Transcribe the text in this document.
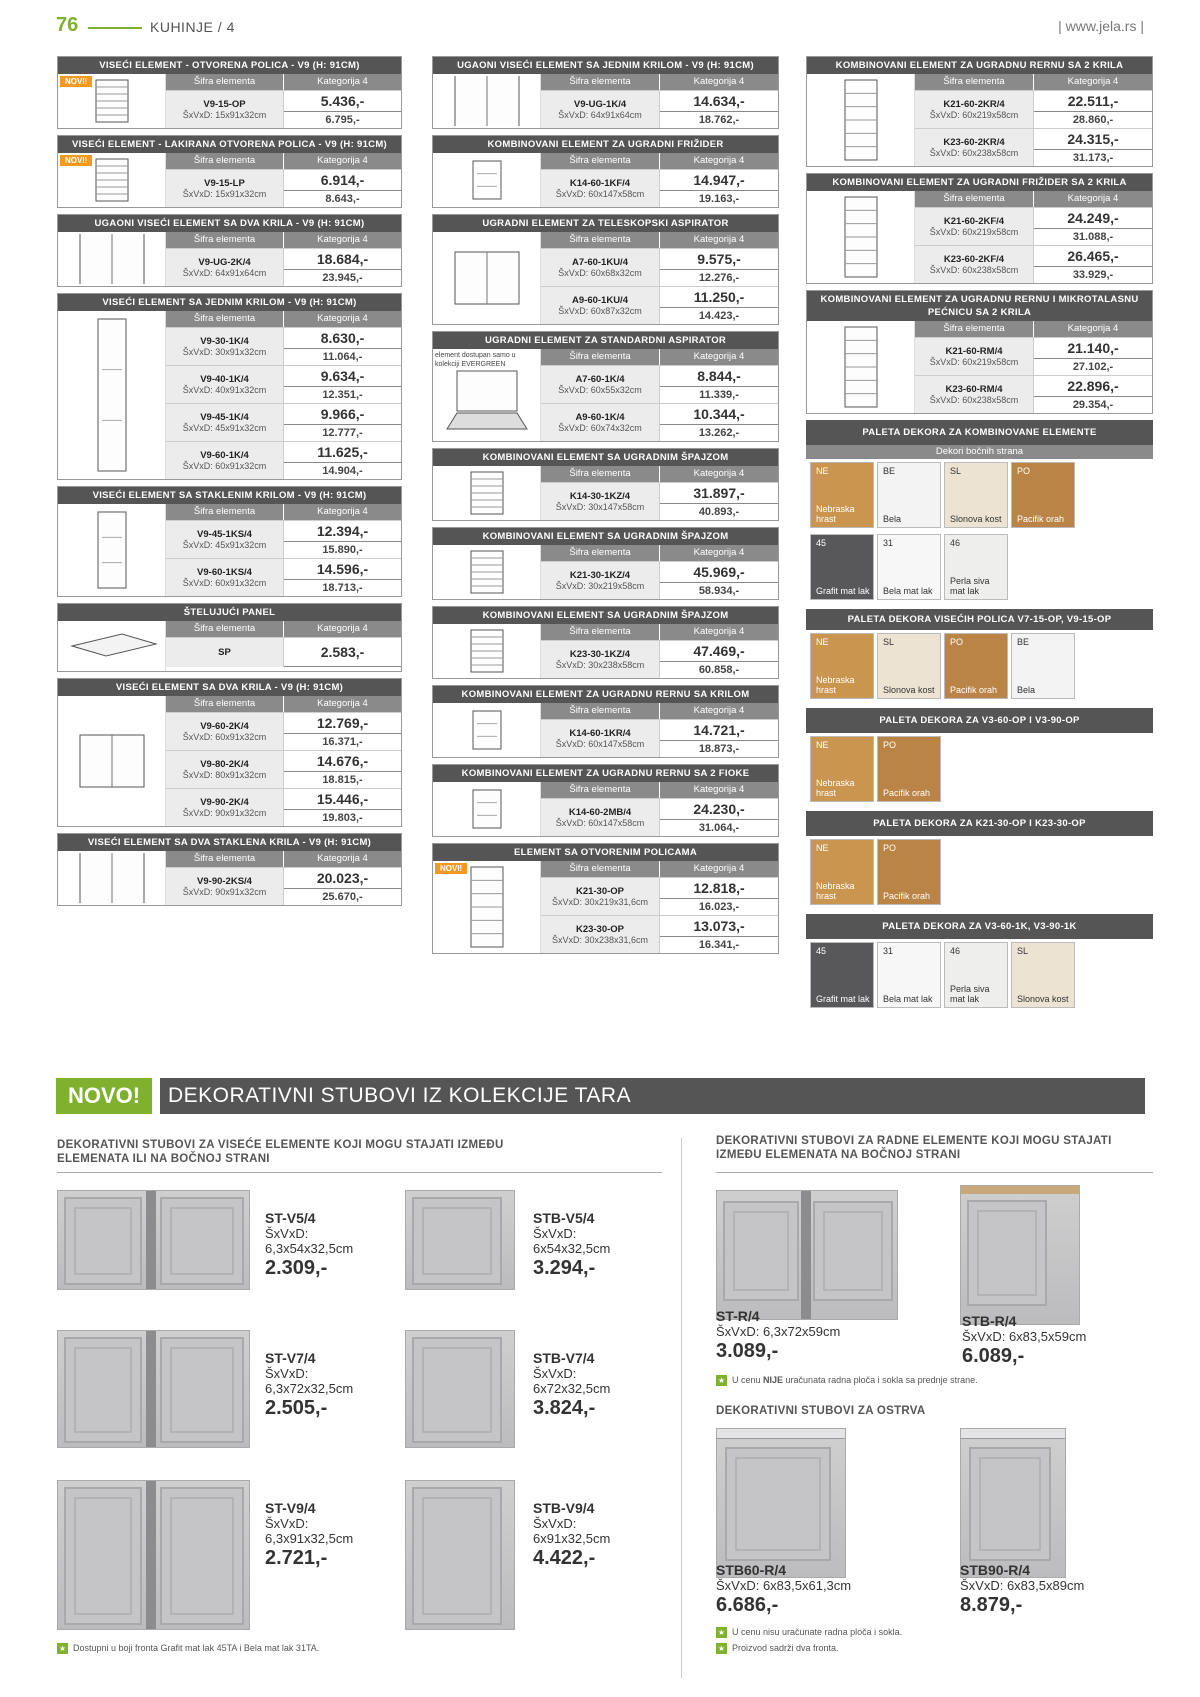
76	KUHINJE / 4	| www.jela.rs |
VISEĆI ELEMENT - OTVORENA POLICA - V9 (H: 91CM)
NOVI!	Šifra elementa	Kategorija 4
V9-15-OP
ŠxVxD: 15x91x32cm
5.436,-
6.795,-
VISEĆI ELEMENT - LAKIRANA OTVORENA POLICA - V9 (H: 91CM)
NOVI!	Šifra elementa	Kategorija 4
V9-15-LP
ŠxVxD: 15x91x32cm
6.914,-
8.643,-
UGAONI VISEĆI ELEMENT SA DVA KRILA - V9 (H: 91CM)
Šifra elementa	Kategorija 4
V9-UG-2K/4
ŠxVxD: 64x91x64cm
18.684,-
23.945,-
VISEĆI ELEMENT SA JEDNIM KRILOM - V9 (H: 91CM)
Šifra elementa	Kategorija 4
V9-30-1K/4
ŠxVxD: 30x91x32cm
8.630,-
11.064,-
V9-40-1K/4
ŠxVxD: 40x91x32cm
9.634,-
12.351,-
V9-45-1K/4
ŠxVxD: 45x91x32cm
9.966,-
12.777,-
V9-60-1K/4
ŠxVxD: 60x91x32cm
11.625,-
14.904,-
VISEĆI ELEMENT SA STAKLENIM KRILOM - V9 (H: 91CM)
Šifra elementa	Kategorija 4
V9-45-1KS/4
ŠxVxD: 45x91x32cm
12.394,-
15.890,-
V9-60-1KS/4
ŠxVxD: 60x91x32cm
14.596,-
18.713,-
ŠTELUJUĆI PANEL
Šifra elementa	Kategorija 4
SP	2.583,-
VISEĆI ELEMENT SA DVA KRILA - V9 (H: 91CM)
Šifra elementa	Kategorija 4
V9-60-2K/4
ŠxVxD: 60x91x32cm
12.769,-
16.371,-
V9-80-2K/4
ŠxVxD: 80x91x32cm
14.676,-
18.815,-
V9-90-2K/4
ŠxVxD: 90x91x32cm
15.446,-
19.803,-
VISEĆI ELEMENT SA DVA STAKLENA KRILA - V9 (H: 91CM)
Šifra elementa	Kategorija 4
V9-90-2KS/4
ŠxVxD: 90x91x32cm
20.023,-
25.670,-
UGAONI VISEĆI ELEMENT SA JEDNIM KRILOM - V9 (H: 91CM)
Šifra elementa	Kategorija 4
V9-UG-1K/4
ŠxVxD: 64x91x64cm
14.634,-
18.762,-
KOMBINOVANI ELEMENT ZA UGRADNI FRIŽIDER
Šifra elementa	Kategorija 4
K14-60-1KF/4
ŠxVxD: 60x147x58cm
14.947,-
19.163,-
UGRADNI ELEMENT ZA TELESKOPSKI ASPIRATOR
Šifra elementa	Kategorija 4
A7-60-1KU/4
ŠxVxD: 60x68x32cm
9.575,-
12.276,-
A9-60-1KU/4
ŠxVxD: 60x87x32cm
11.250,-
14.423,-
UGRADNI ELEMENT ZA STANDARDNI ASPIRATOR
element dostupan samo u kolekciji EVERGREEN
Šifra elementa	Kategorija 4
A7-60-1K/4
ŠxVxD: 60x55x32cm
8.844,-
11.339,-
A9-60-1K/4
ŠxVxD: 60x74x32cm
10.344,-
13.262,-
KOMBINOVANI ELEMENT SA UGRADNIM ŠPAJZOM
Šifra elementa	Kategorija 4
K14-30-1KZ/4
ŠxVxD: 30x147x58cm
31.897,-
40.893,-
KOMBINOVANI ELEMENT SA UGRADNIM ŠPAJZOM
Šifra elementa	Kategorija 4
K21-30-1KZ/4
ŠxVxD: 30x219x58cm
45.969,-
58.934,-
KOMBINOVANI ELEMENT SA UGRADNIM ŠPAJZOM
Šifra elementa	Kategorija 4
K23-30-1KZ/4
ŠxVxD: 30x238x58cm
47.469,-
60.858,-
KOMBINOVANI ELEMENT ZA UGRADNU RERNU SA KRILOM
Šifra elementa	Kategorija 4
K14-60-1KR/4
ŠxVxD: 60x147x58cm
14.721,-
18.873,-
KOMBINOVANI ELEMENT ZA UGRADNU RERNU SA 2 FIOKE
Šifra elementa	Kategorija 4
K14-60-2MB/4
ŠxVxD: 60x147x58cm
24.230,-
31.064,-
ELEMENT SA OTVORENIM POLICAMA
NOVI!	Šifra elementa	Kategorija 4
K21-30-OP
ŠxVxD: 30x219x31,6cm
12.818,-
16.023,-
K23-30-OP
ŠxVxD: 30x238x31,6cm
13.073,-
16.341,-
KOMBINOVANI ELEMENT ZA UGRADNU RERNU SA 2 KRILA
Šifra elementa	Kategorija 4
K21-60-2KR/4
ŠxVxD: 60x219x58cm
22.511,-
28.860,-
K23-60-2KR/4
ŠxVxD: 60x238x58cm
24.315,-
31.173,-
KOMBINOVANI ELEMENT ZA UGRADNI FRIŽIDER SA 2 KRILA
Šifra elementa	Kategorija 4
K21-60-2KF/4
ŠxVxD: 60x219x58cm
24.249,-
31.088,-
K23-60-2KF/4
ŠxVxD: 60x238x58cm
26.465,-
33.929,-
KOMBINOVANI ELEMENT ZA UGRADNU RERNU I MIKROTALASNU PEĆNICU SA 2 KRILA
Šifra elementa	Kategorija 4
K21-60-RM/4
ŠxVxD: 60x219x58cm
21.140,-
27.102,-
K23-60-RM/4
ŠxVxD: 60x238x58cm
22.896,-
29.354,-
PALETA DEKORA ZA KOMBINOVANE ELEMENTE
Dekori bočnih strana
NE
Nebraska hrast
BE
Bela
SL
Slonova kost
PO
Pacifik orah
45
Grafit mat lak
31
Bela mat lak
46
Perla siva mat lak
PALETA DEKORA VISEĆIH POLICA V7-15-OP, V9-15-OP
NE
Nebraska hrast
SL
Slonova kost
PO
Pacifik orah
BE
Bela
PALETA DEKORA ZA V3-60-OP I V3-90-OP
NE
Nebraska hrast
PO
Pacifik orah
PALETA DEKORA ZA K21-30-OP I K23-30-OP
NE
Nebraska hrast
PO
Pacifik orah
PALETA DEKORA ZA V3-60-1K, V3-90-1K
45
Grafit mat lak
31
Bela mat lak
46
Perla siva mat lak
SL
Slonova kost
NOVO!	DEKORATIVNI STUBOVI IZ KOLEKCIJE TARA
DEKORATIVNI STUBOVI ZA VISEĆE ELEMENTE KOJI MOGU STAJATI IZMEĐU ELEMENATA ILI NA BOČNOJ STRANI
DEKORATIVNI STUBOVI ZA RADNE ELEMENTE KOJI MOGU STAJATI IZMEĐU ELEMENATA NA BOČNOJ STRANI
ST-V5/4
ŠxVxD:
6,3x54x32,5cm
2.309,-
STB-V5/4
ŠxVxD:
6x54x32,5cm
3.294,-
ST-V7/4
ŠxVxD:
6,3x72x32,5cm
2.505,-
STB-V7/4
ŠxVxD:
6x72x32,5cm
3.824,-
ST-V9/4
ŠxVxD:
6,3x91x32,5cm
2.721,-
STB-V9/4
ŠxVxD:
6x91x32,5cm
4.422,-
ST-R/4
ŠxVxD: 6,3x72x59cm
3.089,-
STB-R/4
ŠxVxD: 6x83,5x59cm
6.089,-
★ U cenu NIJE uračunata radna ploča i sokla sa prednje strane.
DEKORATIVNI STUBOVI ZA OSTRVA
STB60-R/4
ŠxVxD: 6x83,5x61,3cm
6.686,-
STB90-R/4
ŠxVxD: 6x83,5x89cm
8.879,-
★ U cenu nisu uračunate radna ploča i sokla.
★ Proizvod sadrži dva fronta.
★ Dostupni u boji fronta Grafit mat lak 45TA i Bela mat lak 31TA.
